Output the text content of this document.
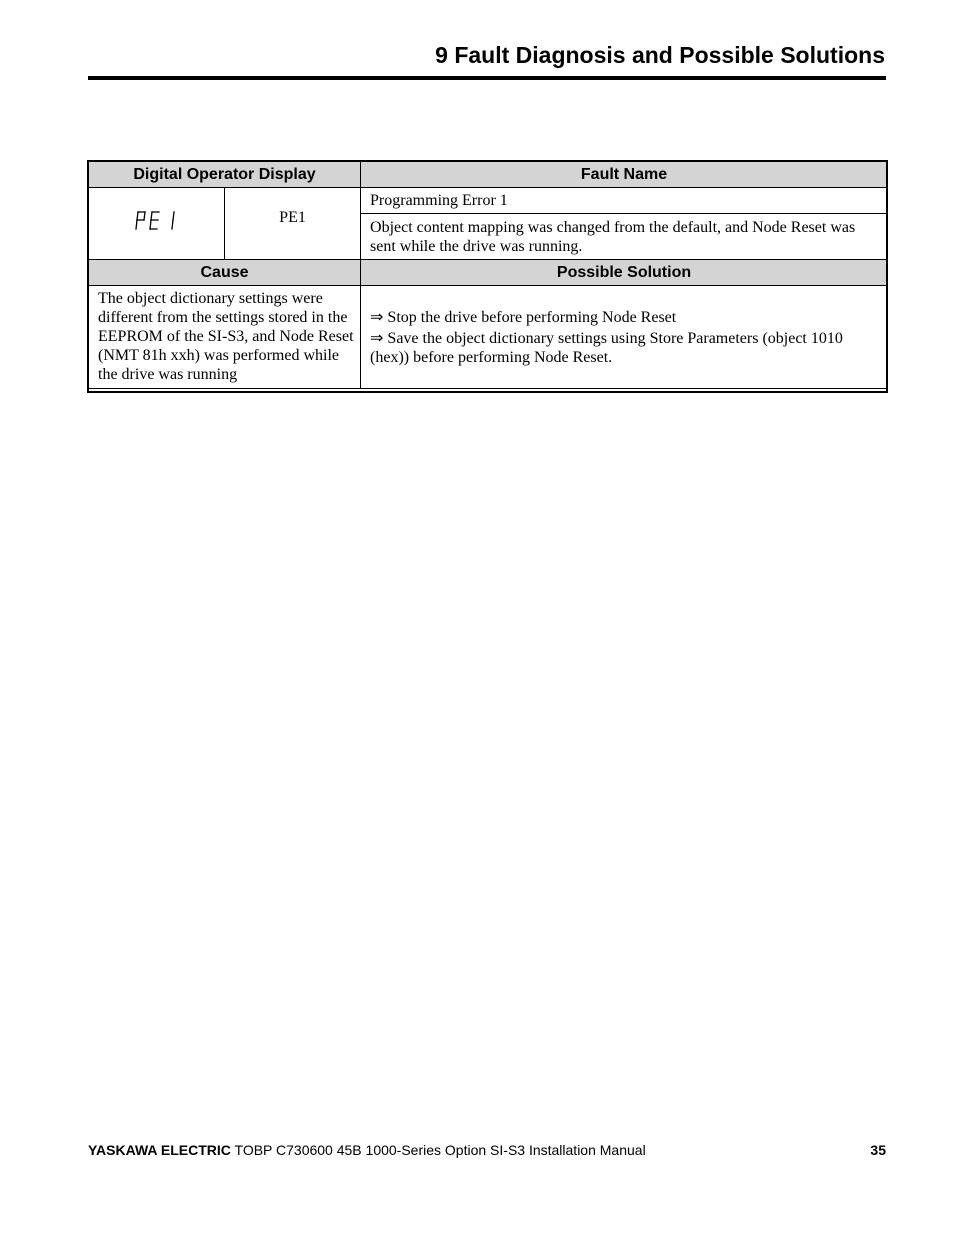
9 Fault Diagnosis and Possible Solutions
Digital Operator Display		Fault Name
	PE1	Programming Error 1

		Object content mapping was changed from the default, and Node Reset was sent while the drive was running.

Cause		Possible Solution

The object dictionary settings were different from the settings stored in the EEPROM of the SI-S3, and Node Reset (NMT 81h xxh) was performed while the drive was running		⇒ Stop the drive before performing Node Reset
⇒ Save the object dictionary settings using Store Parameters (object 1010 (hex)) before performing Node Reset.
YASKAWA ELECTRIC TOBP C730600 45B 1000-Series Option SI-S3 Installation Manual	35
